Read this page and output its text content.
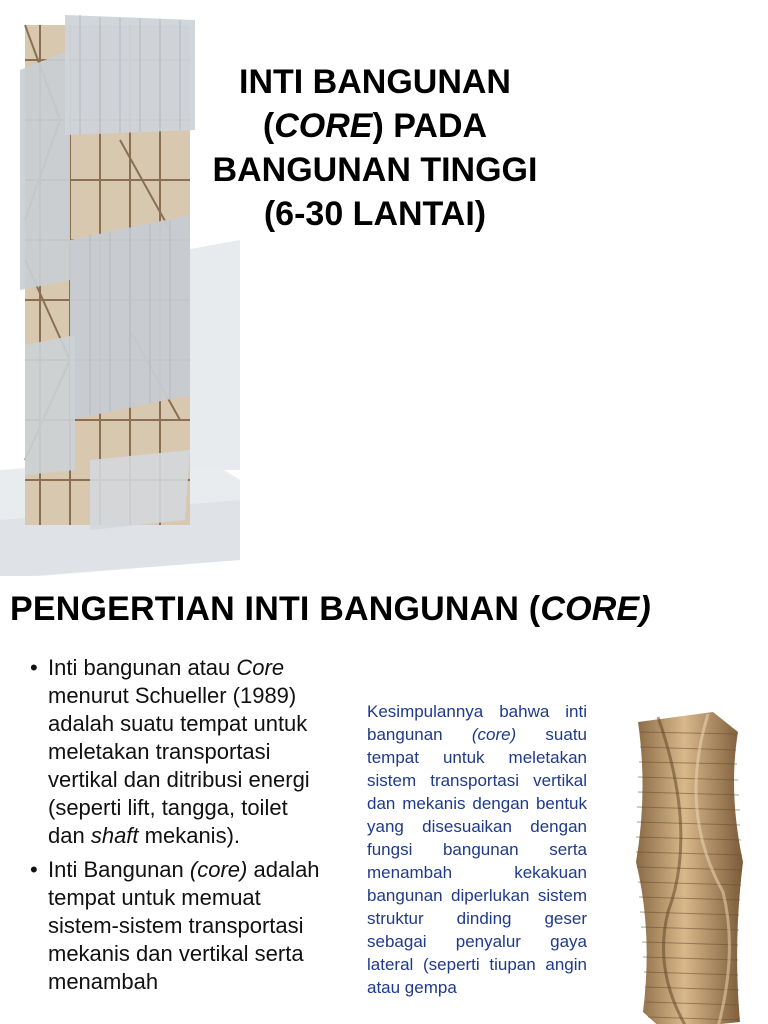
INTI BANGUNAN
(CORE) PADA
BANGUNAN TINGGI
(6-30 LANTAI)
PENGERTIAN INTI BANGUNAN (CORE)
• Inti bangunan atau Core menurut Schueller (1989) adalah suatu tempat untuk meletakan transportasi vertikal dan ditribusi energi (seperti lift, tangga, toilet dan shaft mekanis).
• Inti Bangunan (core) adalah tempat untuk memuat sistem-sistem transportasi mekanis dan vertikal serta menambah
Kesimpulannya bahwa inti bangunan (core) suatu tempat untuk meletakan sistem transportasi vertikal dan mekanis dengan bentuk yang disesuaikan dengan fungsi bangunan serta menambah kekakuan bangunan diperlukan sistem struktur dinding geser sebagai penyalur gaya lateral (seperti tiupan angin atau gempa
